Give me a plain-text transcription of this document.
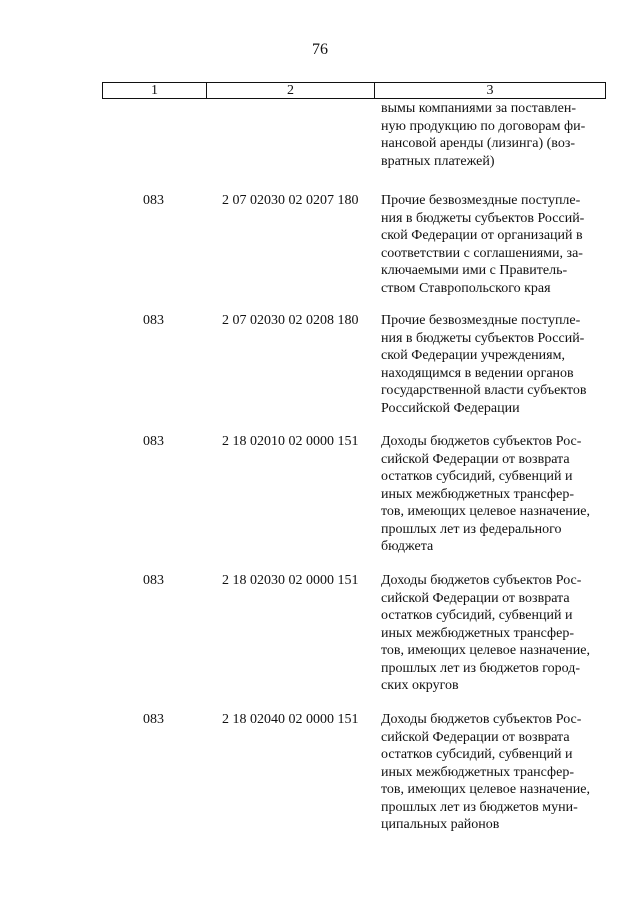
76
1	2	3
вымы компаниями за поставлен-
ную продукцию по договорам фи-
нансовой аренды (лизинга) (воз-
вратных платежей)
083	2 07 02030 02 0207 180 Прочие безвозмездные поступле-
ния в бюджеты субъектов Россий-
ской Федерации от организаций в
соответствии с соглашениями, за-
ключаемыми ими с Правитель-
ством Ставропольского края
083	2 07 02030 02 0208 180 Прочие безвозмездные поступле-
ния в бюджеты субъектов Россий-
ской Федерации учреждениям,
находящимся в ведении органов
государственной власти субъектов
Российской Федерации
083	2 18 02010 02 0000 151 Доходы бюджетов субъектов Рос-
сийской Федерации от возврата
остатков субсидий, субвенций и
иных межбюджетных трансфер-
тов, имеющих целевое назначение,
прошлых лет из федерального
бюджета
083	2 18 02030 02 0000 151 Доходы бюджетов субъектов Рос-
сийской Федерации от возврата
остатков субсидий, субвенций и
иных межбюджетных трансфер-
тов, имеющих целевое назначение,
прошлых лет из бюджетов город-
ских округов
083	2 18 02040 02 0000 151 Доходы бюджетов субъектов Рос-
сийской Федерации от возврата
остатков субсидий, субвенций и
иных межбюджетных трансфер-
тов, имеющих целевое назначение,
прошлых лет из бюджетов муни-
ципальных районов
